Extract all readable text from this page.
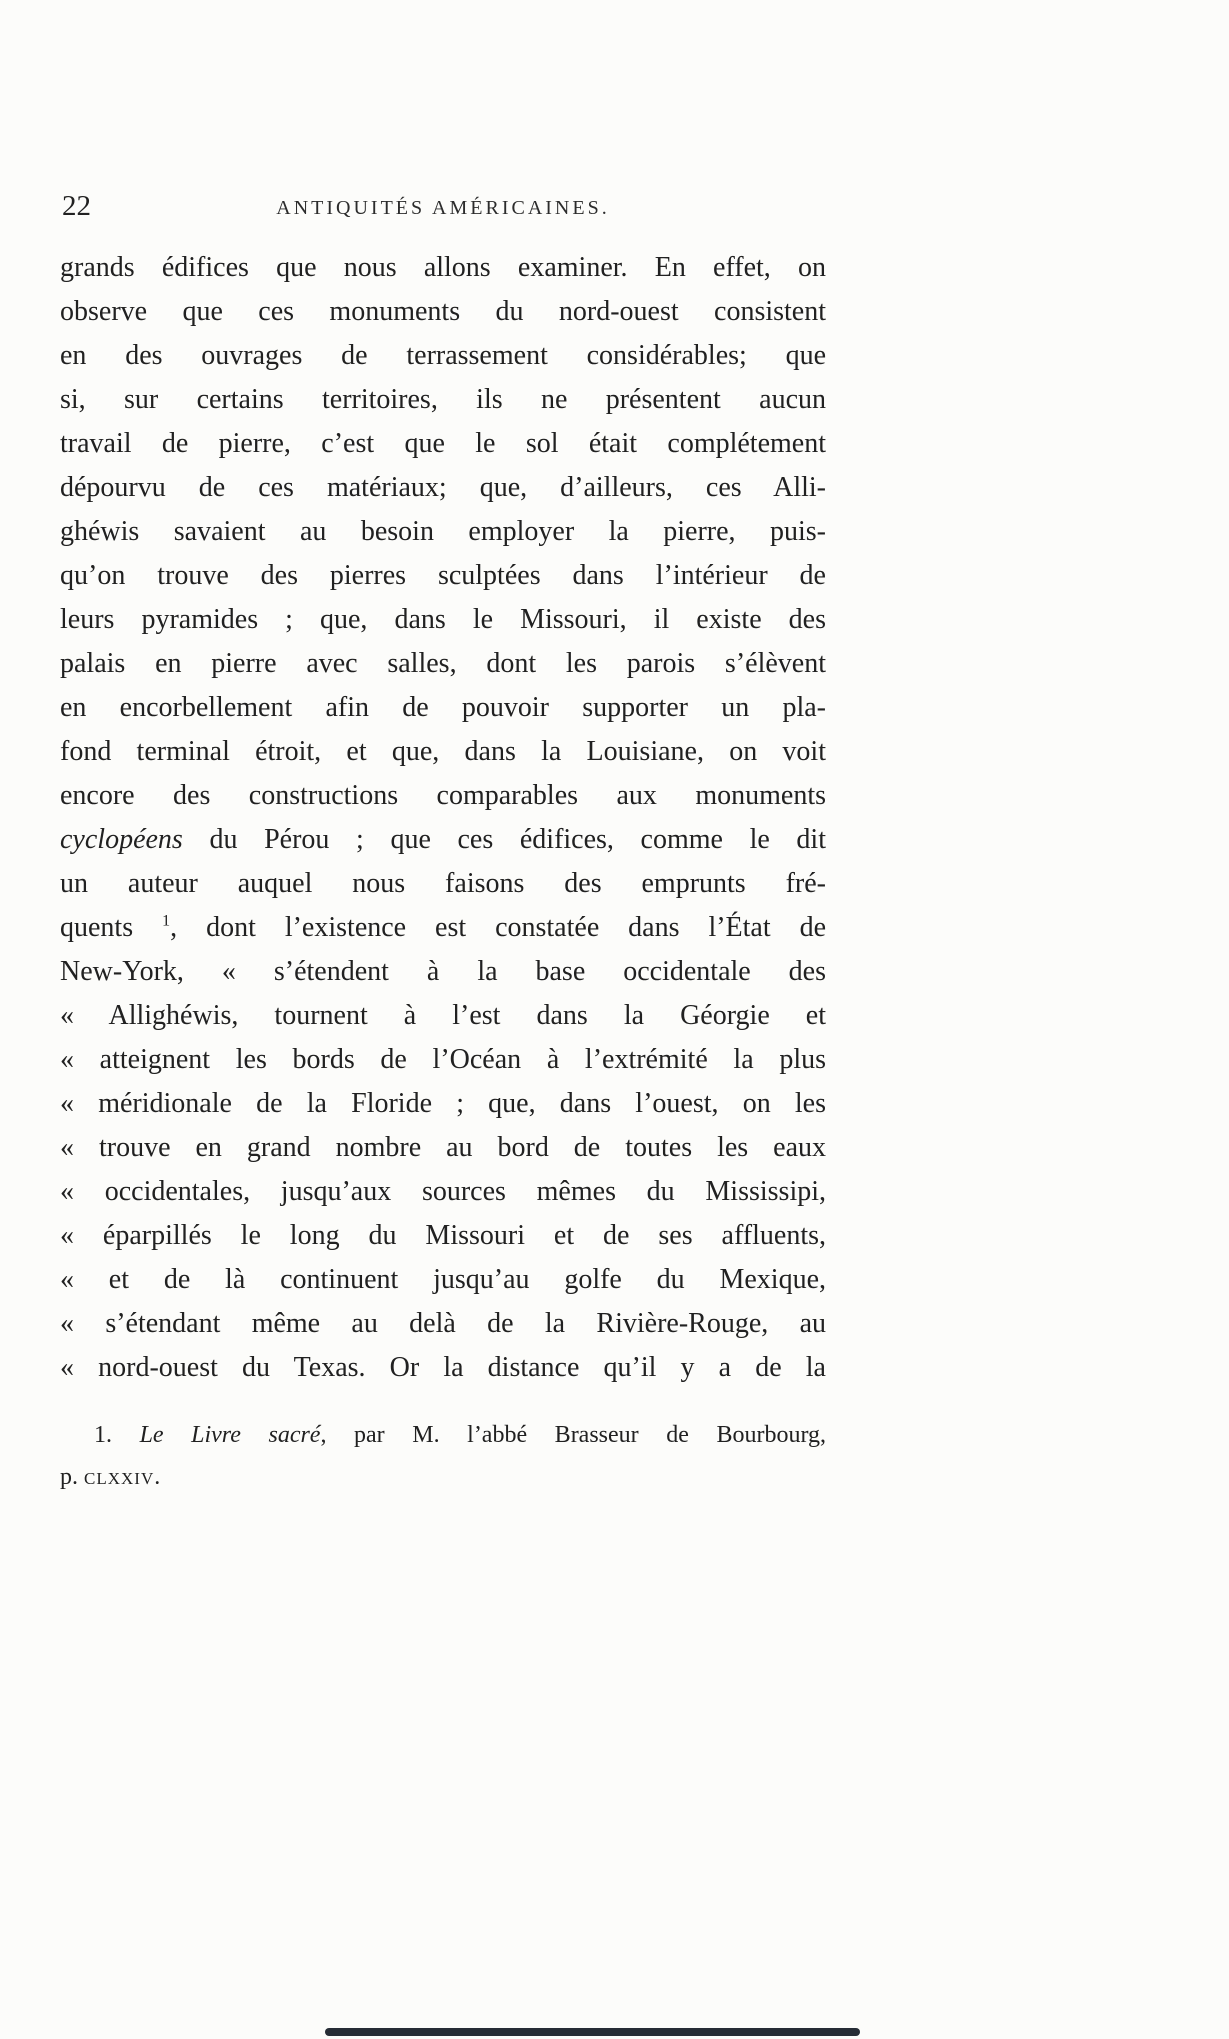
22	ANTIQUITÉS AMÉRICAINES.
grands édifices que nous allons examiner. En effet, on
observe que ces monuments du nord-ouest consistent
en des ouvrages de terrassement considérables; que
si, sur certains territoires, ils ne présentent aucun
travail de pierre, c’est que le sol était complétement
dépourvu de ces matériaux; que, d’ailleurs, ces Alli-
ghéwis savaient au besoin employer la pierre, puis-
qu’on trouve des pierres sculptées dans l’intérieur de
leurs pyramides ; que, dans le Missouri, il existe des
palais en pierre avec salles, dont les parois s’élèvent
en encorbellement afin de pouvoir supporter un pla-
fond terminal étroit, et que, dans la Louisiane, on voit
encore des constructions comparables aux monuments
cyclopéens du Pérou ; que ces édifices, comme le dit
un auteur auquel nous faisons des emprunts fré-
quents $^1$, dont l’existence est constatée dans l’État de
New-York, « s’étendent à la base occidentale des
« Allighéwis, tournent à l’est dans la Géorgie et
« atteignent les bords de l’Océan à l’extrémité la plus
« méridionale de la Floride ; que, dans l’ouest, on les
« trouve en grand nombre au bord de toutes les eaux
« occidentales, jusqu’aux sources mêmes du Mississipi,
« éparpillés le long du Missouri et de ses affluents,
« et de là continuent jusqu’au golfe du Mexique,
« s’étendant même au delà de la Rivière-Rouge, au
« nord-ouest du Texas. Or la distance qu’il y a de la
1. Le Livre sacré, par M. l’abbé Brasseur de Bourbourg,
p. clxxiv.
